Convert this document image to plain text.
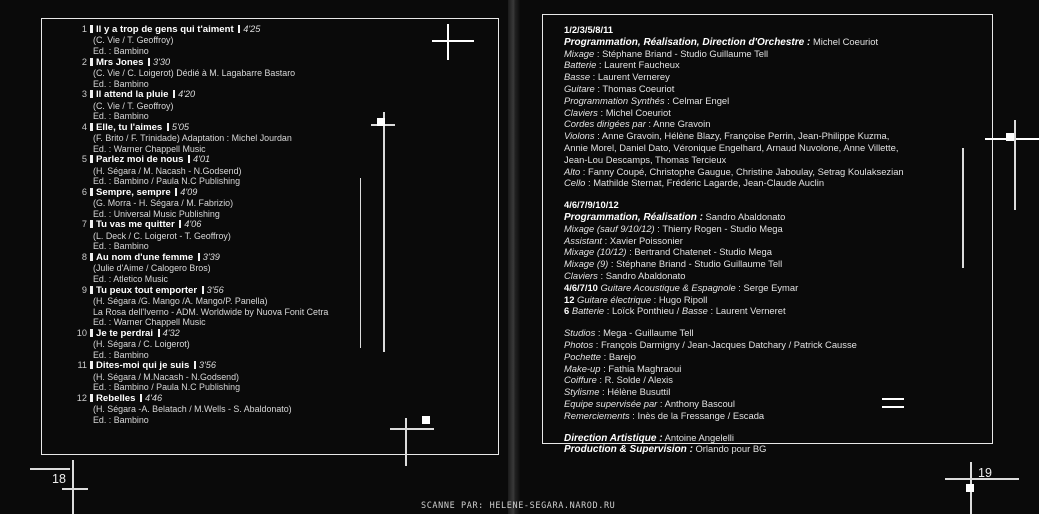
18
1 Il y a trop de gens qui t'aiment 4'25
(C. Vie / T. Geoffroy)
Ed. : Bambino
2 Mrs Jones 3'30
(C. Vie / C. Loigerot) Dédié à M. Lagabarre Bastaro
Ed. : Bambino
3 Il attend la pluie 4'20
(C. Vie / T. Geoffroy)
Ed. : Bambino
4 Elle, tu l'aimes 5'05
(F. Brito / F. Trinidade) Adaptation : Michel Jourdan
Ed. : Warner Chappell Music
5 Parlez moi de nous 4'01
(H. Ségara / M. Nacash - N.Godsend)
Ed. : Bambino / Paula N.C Publishing
6 Sempre, sempre 4'09
(G. Morra - H. Ségara / M. Fabrizio)
Ed. : Universal Music Publishing
7 Tu vas me quitter 4'06
(L. Deck / C. Loigerot - T. Geoffroy)
Ed. : Bambino
8 Au nom d'une femme 3'39
(Julie d'Aime / Calogero Bros)
Ed. : Atletico Music
9 Tu peux tout emporter 3'56
(H. Ségara /G. Mango /A. Mango/P. Panella)
La Rosa dell'Iverno - ADM. Worldwide by Nuova Fonit Cetra
Ed. : Warner Chappell Music
10 Je te perdrai 4'32
(H. Ségara / C. Loigerot)
Ed. : Bambino
11 Dites-moi qui je suis 3'56
(H. Ségara / M.Nacash - N.Godsend)
Ed. : Bambino / Paula N.C Publishing
12 Rebelles 4'46
(H. Ségara -A. Belatach / M.Wells - S. Abaldonato)
Ed. : Bambino
19
1/2/3/5/8/11
Programmation, Réalisation, Direction d'Orchestre : Michel Coeuriot
Mixage : Stéphane Briand - Studio Guillaume Tell
Batterie : Laurent Faucheux
Basse : Laurent Vernerey
Guitare : Thomas Coeuriot
Programmation Synthés : Celmar Engel
Claviers : Michel Coeuriot
Cordes dirigées par : Anne Gravoin
Violons : Anne Gravoin, Hélène Blazy, Françoise Perrin, Jean-Philippe Kuzma,
Annie Morel, Daniel Dato, Véronique Engelhard, Arnaud Nuvolone, Anne Villette,
Jean-Lou Descamps, Thomas Tercieux
Alto : Fanny Coupé, Christophe Gaugue, Christine Jaboulay, Setrag Koulaksezian
Cello : Mathilde Sternat, Frédéric Lagarde, Jean-Claude Auclin
4/6/7/9/10/12
Programmation, Réalisation : Sandro Abaldonato
Mixage (sauf 9/10/12) : Thierry Rogen - Studio Mega
Assistant : Xavier Poissonier
Mixage (10/12) : Bertrand Chatenet - Studio Mega
Mixage (9) : Stéphane Briand - Studio Guillaume Tell
Claviers : Sandro Abaldonato
4/6/7/10 Guitare Acoustique & Espagnole : Serge Eymar
12 Guitare électrique : Hugo Ripoll
6 Batterie : Loïck Ponthieu / Basse : Laurent Verneret
Studios : Mega - Guillaume Tell
Photos : François Darmigny / Jean-Jacques Datchary / Patrick Causse
Pochette : Barejo
Make-up : Fathia Maghraoui
Coiffure : R. Solde / Alexis
Stylisme : Hélène Busuttil
Equipe supervisée par : Anthony Bascoul
Remerciements : Inès de la Fressange / Escada
Direction Artistique : Antoine Angelelli
Production & Supervision : Orlando pour BG
SCANNE PAR: HELENE-SEGARA.NAROD.RU
